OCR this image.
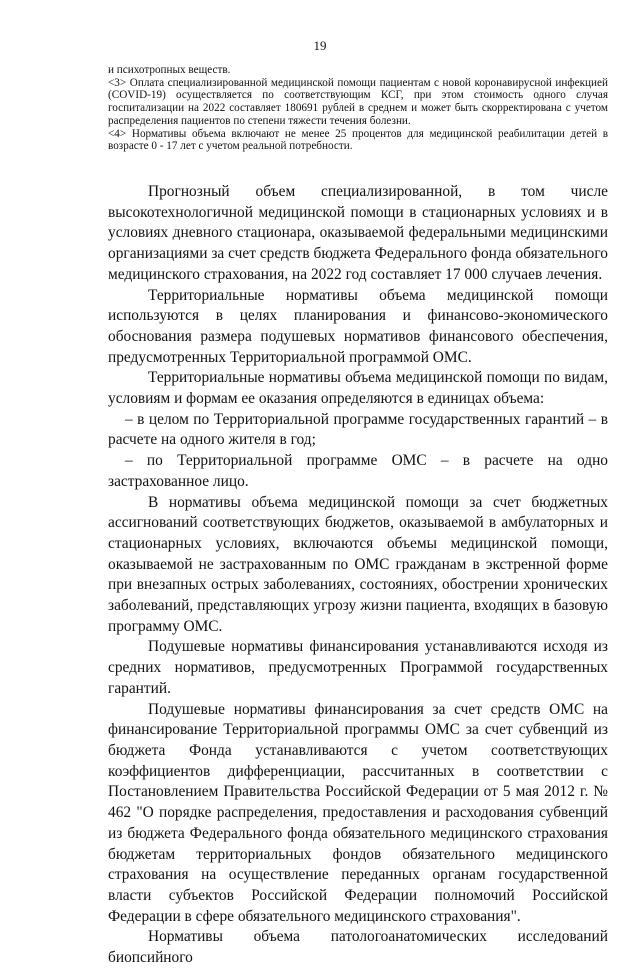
19

и психотропных веществ.

<3> Оплата специализированной медицинской помощи пациентам с новой коронавирусной инфекцией (COVID-19) осуществляется по соответствующим КСГ, при этом стоимость одного случая госпитализации на 2022 составляет 180691 рублей в среднем и может быть скорректирована с учетом распределения пациентов по степени тяжести течения болезни.

<4> Нормативы объема включают не менее 25 процентов для медицинской реабилитации детей в возрасте 0 - 17 лет с учетом реальной потребности.

Прогнозный объем специализированной, в том числе высокотехнологичной медицинской помощи в стационарных условиях и в условиях дневного стационара, оказываемой федеральными медицинскими организациями за счет средств бюджета Федерального фонда обязательного медицинского страхования, на 2022 год составляет 17 000 случаев лечения.

Территориальные нормативы объема медицинской помощи используются в целях планирования и финансово-экономического обоснования размера подушевых нормативов финансового обеспечения, предусмотренных Территориальной программой ОМС.

Территориальные нормативы объема медицинской помощи по видам, условиям и формам ее оказания определяются в единицах объема:

– в целом по Территориальной программе государственных гарантий – в расчете на одного жителя в год;

– по Территориальной программе ОМС – в расчете на одно застрахованное лицо.

В нормативы объема медицинской помощи за счет бюджетных ассигнований соответствующих бюджетов, оказываемой в амбулаторных и стационарных условиях, включаются объемы медицинской помощи, оказываемой не застрахованным по ОМС гражданам в экстренной форме при внезапных острых заболеваниях, состояниях, обострении хронических заболеваний, представляющих угрозу жизни пациента, входящих в базовую программу ОМС.

Подушевые нормативы финансирования устанавливаются исходя из средних нормативов, предусмотренных Программой государственных гарантий.

Подушевые нормативы финансирования за счет средств ОМС на финансирование Территориальной программы ОМС за счет субвенций из бюджета Фонда устанавливаются с учетом соответствующих коэффициентов дифференциации, рассчитанных в соответствии с Постановлением Правительства Российской Федерации от 5 мая 2012 г. № 462 "О порядке распределения, предоставления и расходования субвенций из бюджета Федерального фонда обязательного медицинского страхования бюджетам территориальных фондов обязательного медицинского страхования на осуществление переданных органам государственной власти субъектов Российской Федерации полномочий Российской Федерации в сфере обязательного медицинского страхования".

Нормативы объема патологоанатомических исследований биопсийного
